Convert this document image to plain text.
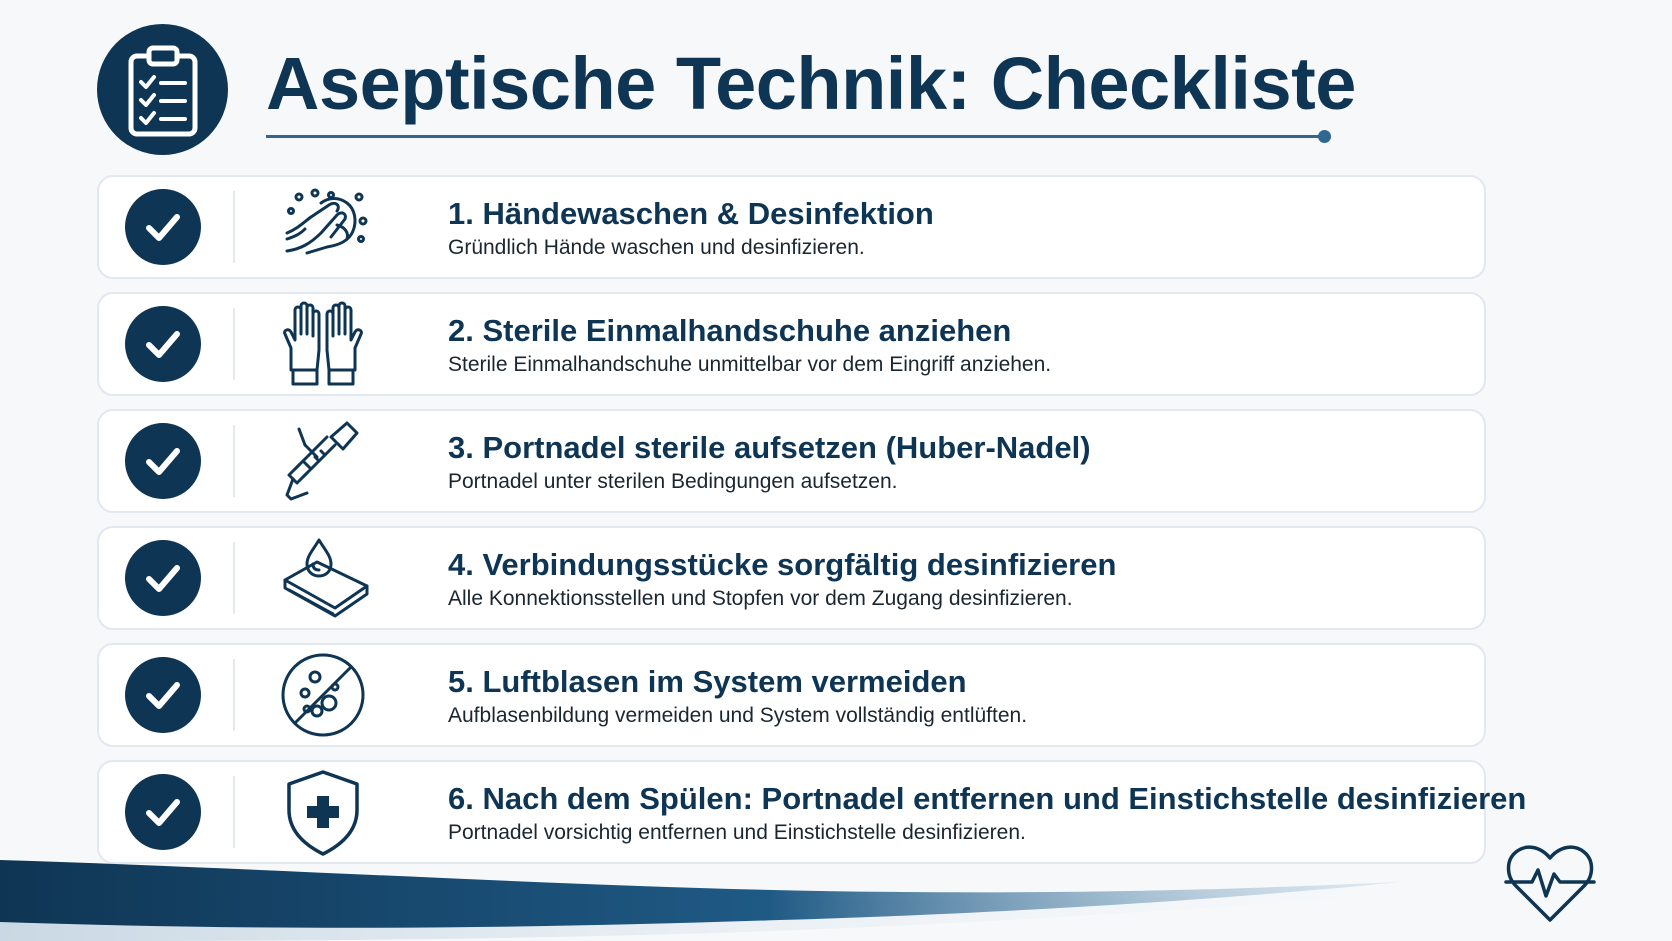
Aseptische Technik: Checkliste
1. Händewaschen & Desinfektion
Gründlich Hände waschen und desinfizieren.
2. Sterile Einmalhandschuhe anziehen
Sterile Einmalhandschuhe unmittelbar vor dem Eingriff anziehen.
3. Portnadel sterile aufsetzen (Huber-Nadel)
Portnadel unter sterilen Bedingungen aufsetzen.
4. Verbindungsstücke sorgfältig desinfizieren
Alle Konnektionsstellen und Stopfen vor dem Zugang desinfizieren.
5. Luftblasen im System vermeiden
Aufblasenbildung vermeiden und System vollständig entlüften.
6. Nach dem Spülen: Portnadel entfernen und Einstichstelle desinfizieren
Portnadel vorsichtig entfernen und Einstichstelle desinfizieren.
